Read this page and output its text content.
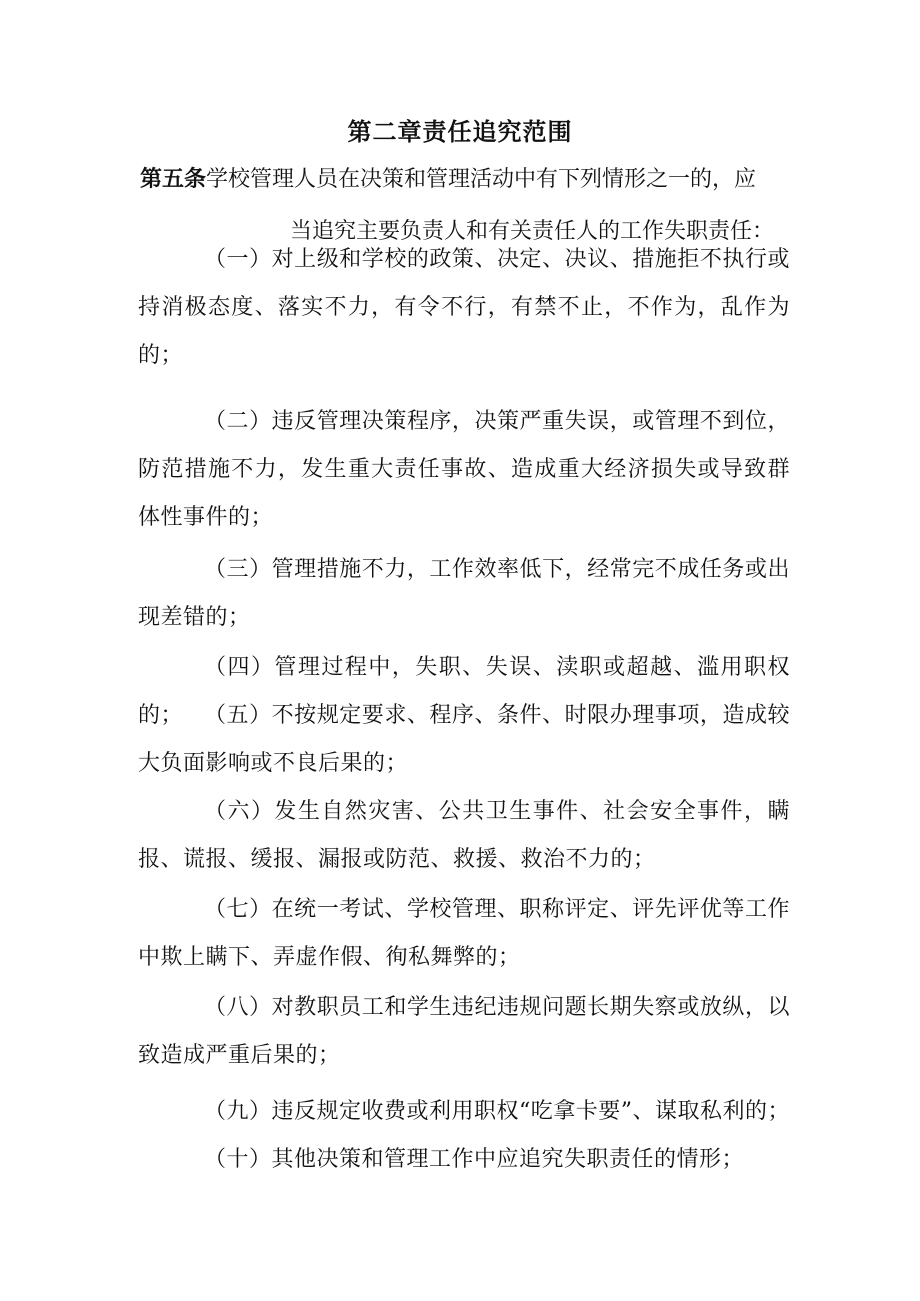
第二章责任追究范围
第五条学校管理人员在决策和管理活动中有下列情形之一的，应
当追究主要负责人和有关责任人的工作失职责任：

（一）对上级和学校的政策、决定、决议、措施拒不执行或持消极态度、落实不力，有令不行，有禁不止，不作为，乱作为的；

（二）违反管理决策程序，决策严重失误，或管理不到位，防范措施不力，发生重大责任事故、造成重大经济损失或导致群体性事件的；

（三）管理措施不力，工作效率低下，经常完不成任务或出现差错的；

（四）管理过程中，失职、失误、渎职或超越、滥用职权的； （五）不按规定要求、程序、条件、时限办理事项，造成较大负面影响或不良后果的；

（六）发生自然灾害、公共卫生事件、社会安全事件，瞒报、谎报、缓报、漏报或防范、救援、救治不力的；

（七）在统一考试、学校管理、职称评定、评先评优等工作中欺上瞒下、弄虚作假、徇私舞弊的；

（八）对教职员工和学生违纪违规问题长期失察或放纵，以致造成严重后果的；

（九）违反规定收费或利用职权“吃拿卡要”、谋取私利的；

（十）其他决策和管理工作中应追究失职责任的情形；
